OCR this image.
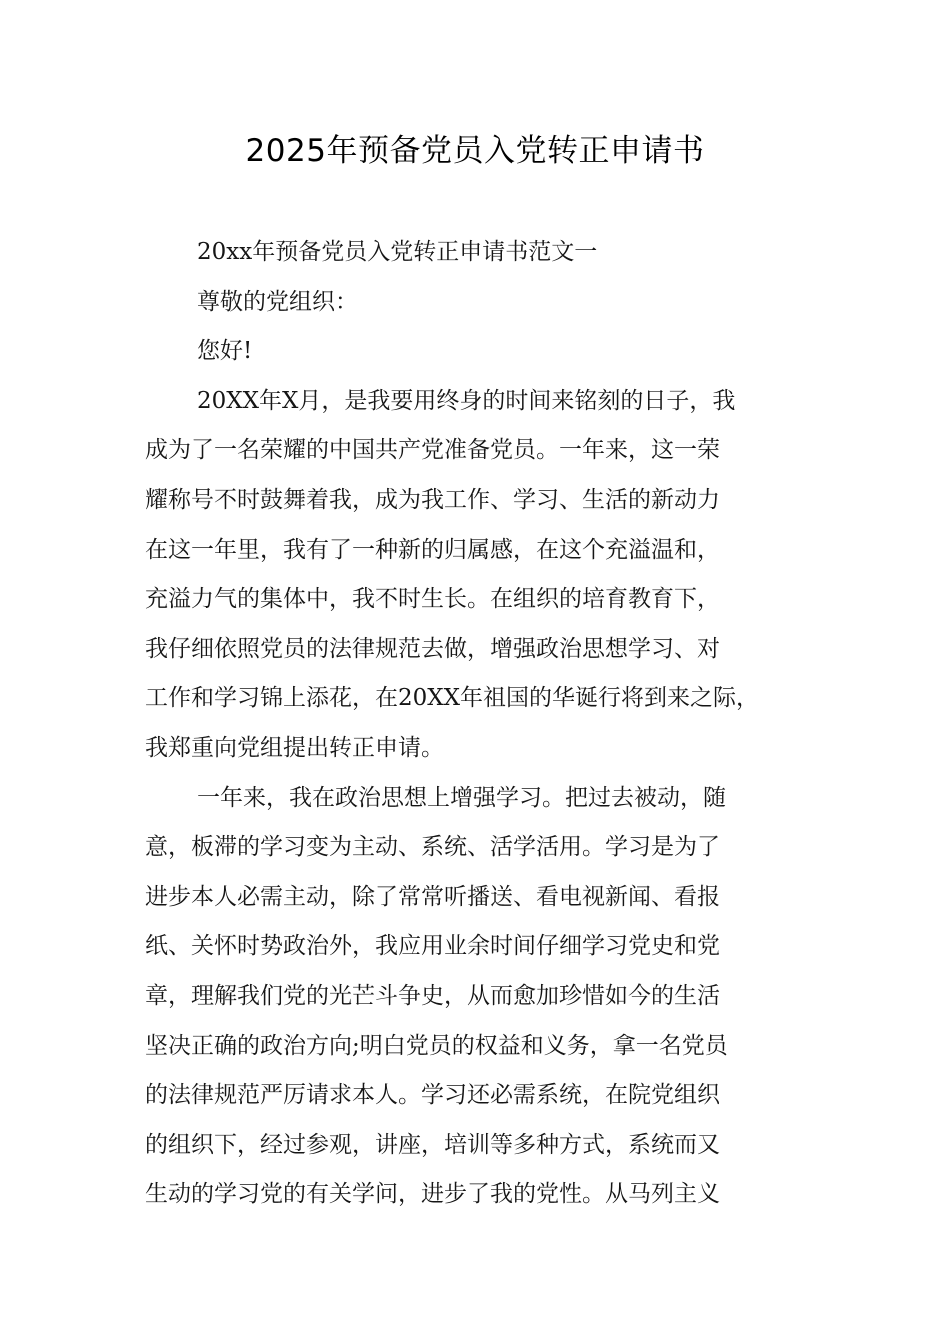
2025年预备党员入党转正申请书

20xx年预备党员入党转正申请书范文一

尊敬的党组织：

您好!

20XX年X月，是我要用终身的时间来铭刻的日子，我

成为了一名荣耀的中国共产党准备党员。一年来，这一荣

耀称号不时鼓舞着我，成为我工作、学习、生活的新动力

在这一年里，我有了一种新的归属感，在这个充溢温和，

充溢力气的集体中，我不时生长。在组织的培育教育下，

我仔细依照党员的法律规范去做，增强政治思想学习、对

工作和学习锦上添花，在20XX年祖国的华诞行将到来之际，

我郑重向党组提出转正申请。

一年来，我在政治思想上增强学习。把过去被动，随

意，板滞的学习变为主动、系统、活学活用。学习是为了

进步本人必需主动，除了常常听播送、看电视新闻、看报

纸、关怀时势政治外，我应用业余时间仔细学习党史和党

章，理解我们党的光芒斗争史，从而愈加珍惜如今的生活

坚决正确的政治方向;明白党员的权益和义务，拿一名党员

的法律规范严厉请求本人。学习还必需系统，在院党组织

的组织下，经过参观，讲座，培训等多种方式，系统而又

生动的学习党的有关学问，进步了我的党性。从马列主义
